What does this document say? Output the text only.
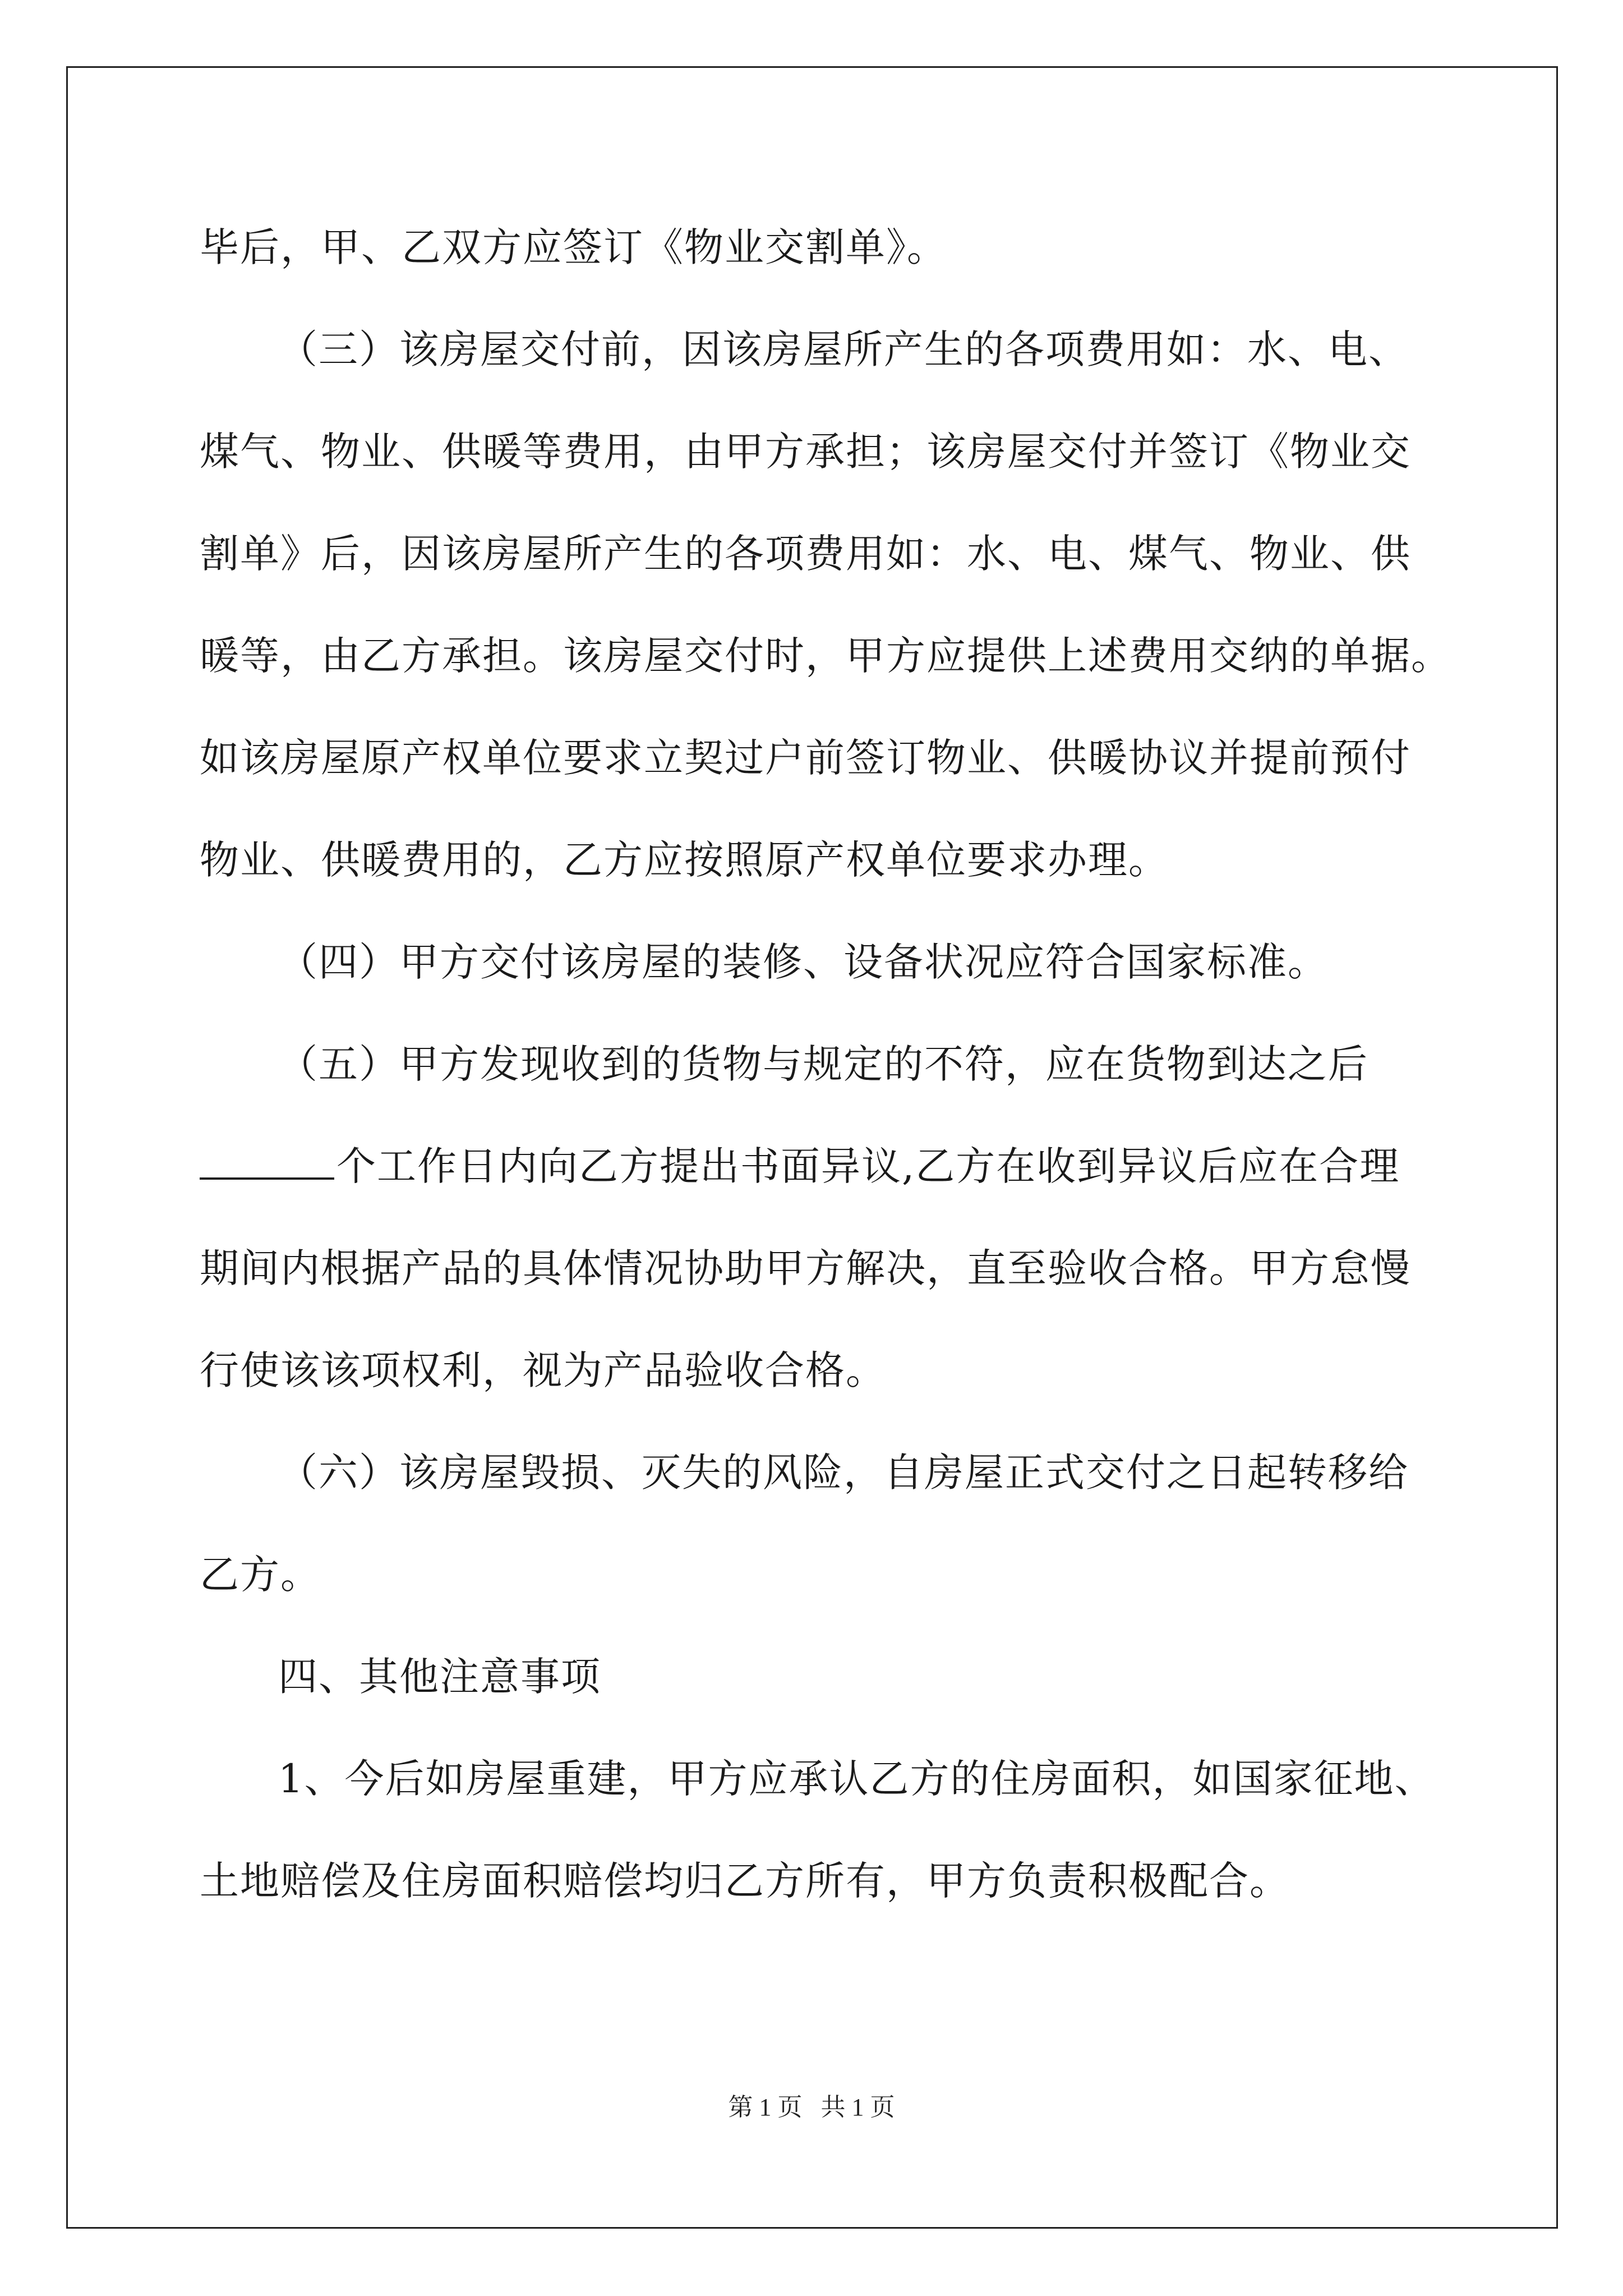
毕后，甲、乙双方应签订《物业交割单》。
（三）该房屋交付前，因该房屋所产生的各项费用如：水、电、
煤气、物业、供暖等费用，由甲方承担；该房屋交付并签订《物业交
割单》后，因该房屋所产生的各项费用如：水、电、煤气、物业、供
暖等，由乙方承担。该房屋交付时，甲方应提供上述费用交纳的单据。
如该房屋原产权单位要求立契过户前签订物业、供暖协议并提前预付
物业、供暖费用的，乙方应按照原产权单位要求办理。
（四）甲方交付该房屋的装修、设备状况应符合国家标准。
（五）甲方发现收到的货物与规定的不符，应在货物到达之后
个工作日内向乙方提出书面异议,乙方在收到异议后应在合理
期间内根据产品的具体情况协助甲方解决，直至验收合格。甲方怠慢
行使该该项权利，视为产品验收合格。
（六）该房屋毁损、灭失的风险，自房屋正式交付之日起转移给
乙方。
四、其他注意事项
1、今后如房屋重建，甲方应承认乙方的住房面积，如国家征地、
土地赔偿及住房面积赔偿均归乙方所有，甲方负责积极配合。
第 1 页   共 1 页
